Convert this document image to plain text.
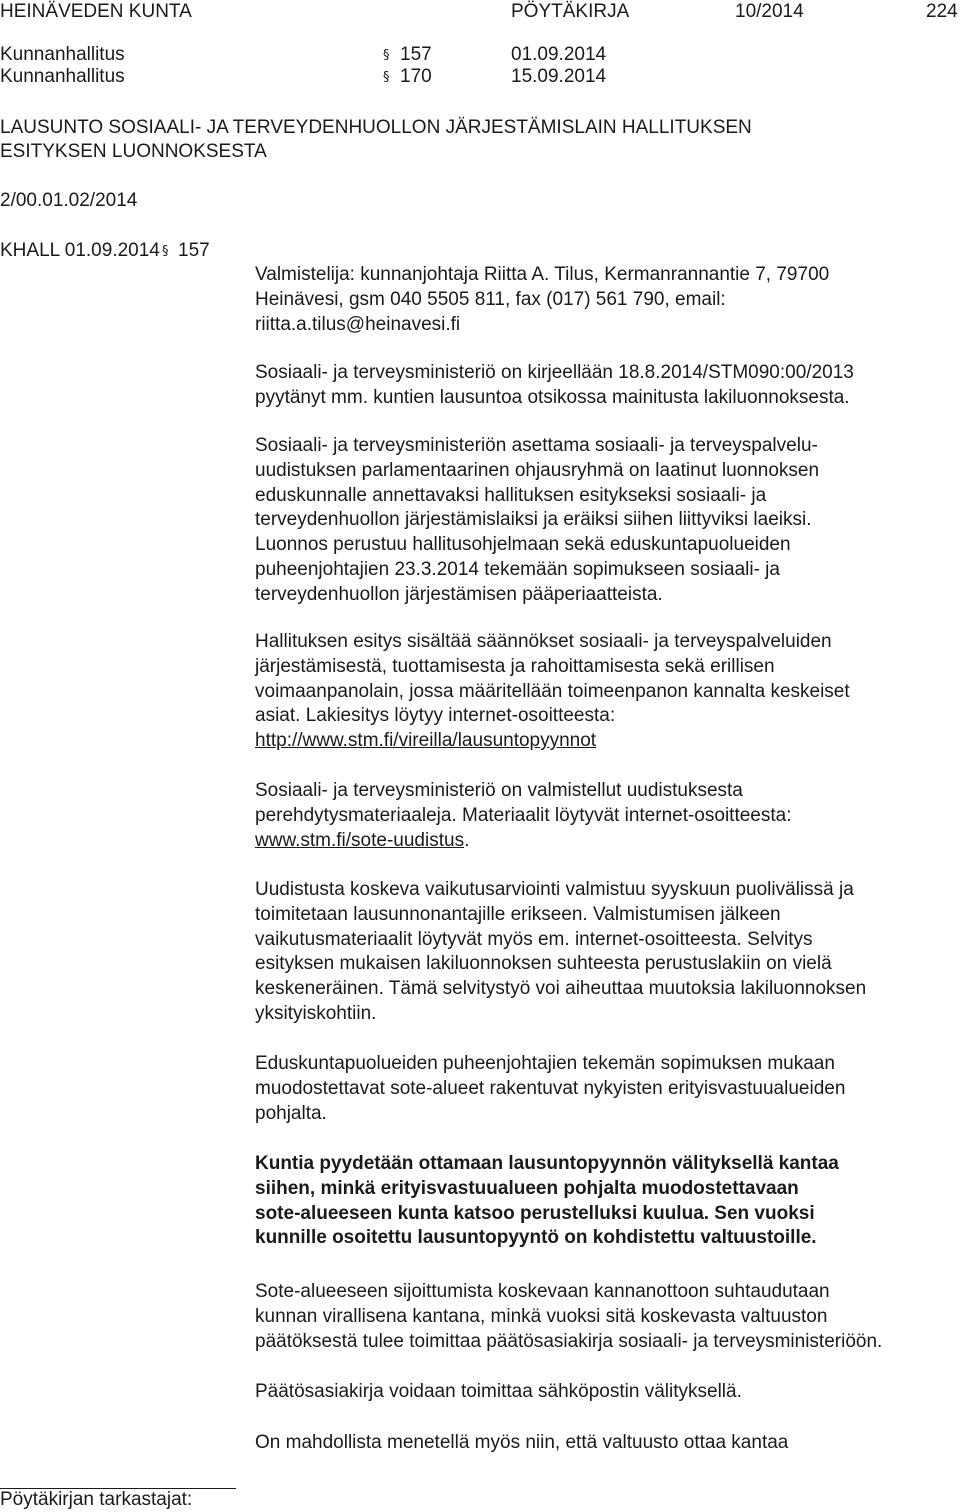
HEINÄVEDEN KUNTA	PÖYTÄKIRJA	10/2014	224
Kunnanhallitus	§ 157	01.09.2014
Kunnanhallitus	§ 170	15.09.2014
LAUSUNTO SOSIAALI- JA TERVEYDENHUOLLON JÄRJESTÄMISLAIN HALLITUKSEN
ESITYKSEN LUONNOKSESTA
2/00.01.02/2014
KHALL 01.09.2014 § 157
Valmistelija: kunnanjohtaja Riitta A. Tilus, Kermanrannantie 7, 79700
Heinävesi, gsm 040 5505 811, fax (017) 561 790, email:
riitta.a.tilus@heinavesi.fi
Sosiaali- ja terveysministeriö on kirjeellään 18.8.2014/STM090:00/2013
pyytänyt mm. kuntien lausuntoa otsikossa mainitusta lakiluonnoksesta.
Sosiaali- ja terveysministeriön asettama sosiaali- ja terveyspalvelu-
uudistuksen parlamentaarinen ohjausryhmä on laatinut luonnoksen
eduskunnalle annettavaksi hallituksen esitykseksi sosiaali- ja
terveydenhuollon järjestämislaiksi ja eräiksi siihen liittyviksi laeiksi.
Luonnos perustuu hallitusohjelmaan sekä eduskuntapuolueiden
puheenjohtajien 23.3.2014 tekemään sopimukseen sosiaali- ja
terveydenhuollon järjestämisen pääperiaatteista.
Hallituksen esitys sisältää säännökset sosiaali- ja terveyspalveluiden
järjestämisestä, tuottamisesta ja rahoittamisesta sekä erillisen
voimaanpanolain, jossa määritellään toimeenpanon kannalta keskeiset
asiat. Lakiesitys löytyy internet-osoitteesta:
http://www.stm.fi/vireilla/lausuntopyynnot
Sosiaali- ja terveysministeriö on valmistellut uudistuksesta
perehdytysmateriaaleja. Materiaalit löytyvät internet-osoitteesta:
www.stm.fi/sote-uudistus.
Uudistusta koskeva vaikutusarviointi valmistuu syyskuun puolivälissä ja
toimitetaan lausunnonantajille erikseen. Valmistumisen jälkeen
vaikutusmateriaalit löytyvät myös em. internet-osoitteesta. Selvitys
esityksen mukaisen lakiluonnoksen suhteesta perustuslakiin on vielä
keskeneräinen. Tämä selvitystyö voi aiheuttaa muutoksia lakiluonnoksen
yksityiskohtiin.
Eduskuntapuolueiden puheenjohtajien tekemän sopimuksen mukaan
muodostettavat sote-alueet rakentuvat nykyisten erityisvastuualueiden
pohjalta.
Kuntia pyydetään ottamaan lausuntopyynnön välityksellä kantaa
siihen, minkä erityisvastuualueen pohjalta muodostettavaan
sote-alueeseen kunta katsoo perustelluksi kuulua. Sen vuoksi
kunnille osoitettu lausuntopyyntö on kohdistettu valtuustoille.
Sote-alueeseen sijoittumista koskevaan kannanottoon suhtaudutaan
kunnan virallisena kantana, minkä vuoksi sitä koskevasta valtuuston
päätöksestä tulee toimittaa päätösasiakirja sosiaali- ja terveysministeriöön.
Päätösasiakirja voidaan toimittaa sähköpostin välityksellä.
On mahdollista menetellä myös niin, että valtuusto ottaa kantaa
Pöytäkirjan tarkastajat:
